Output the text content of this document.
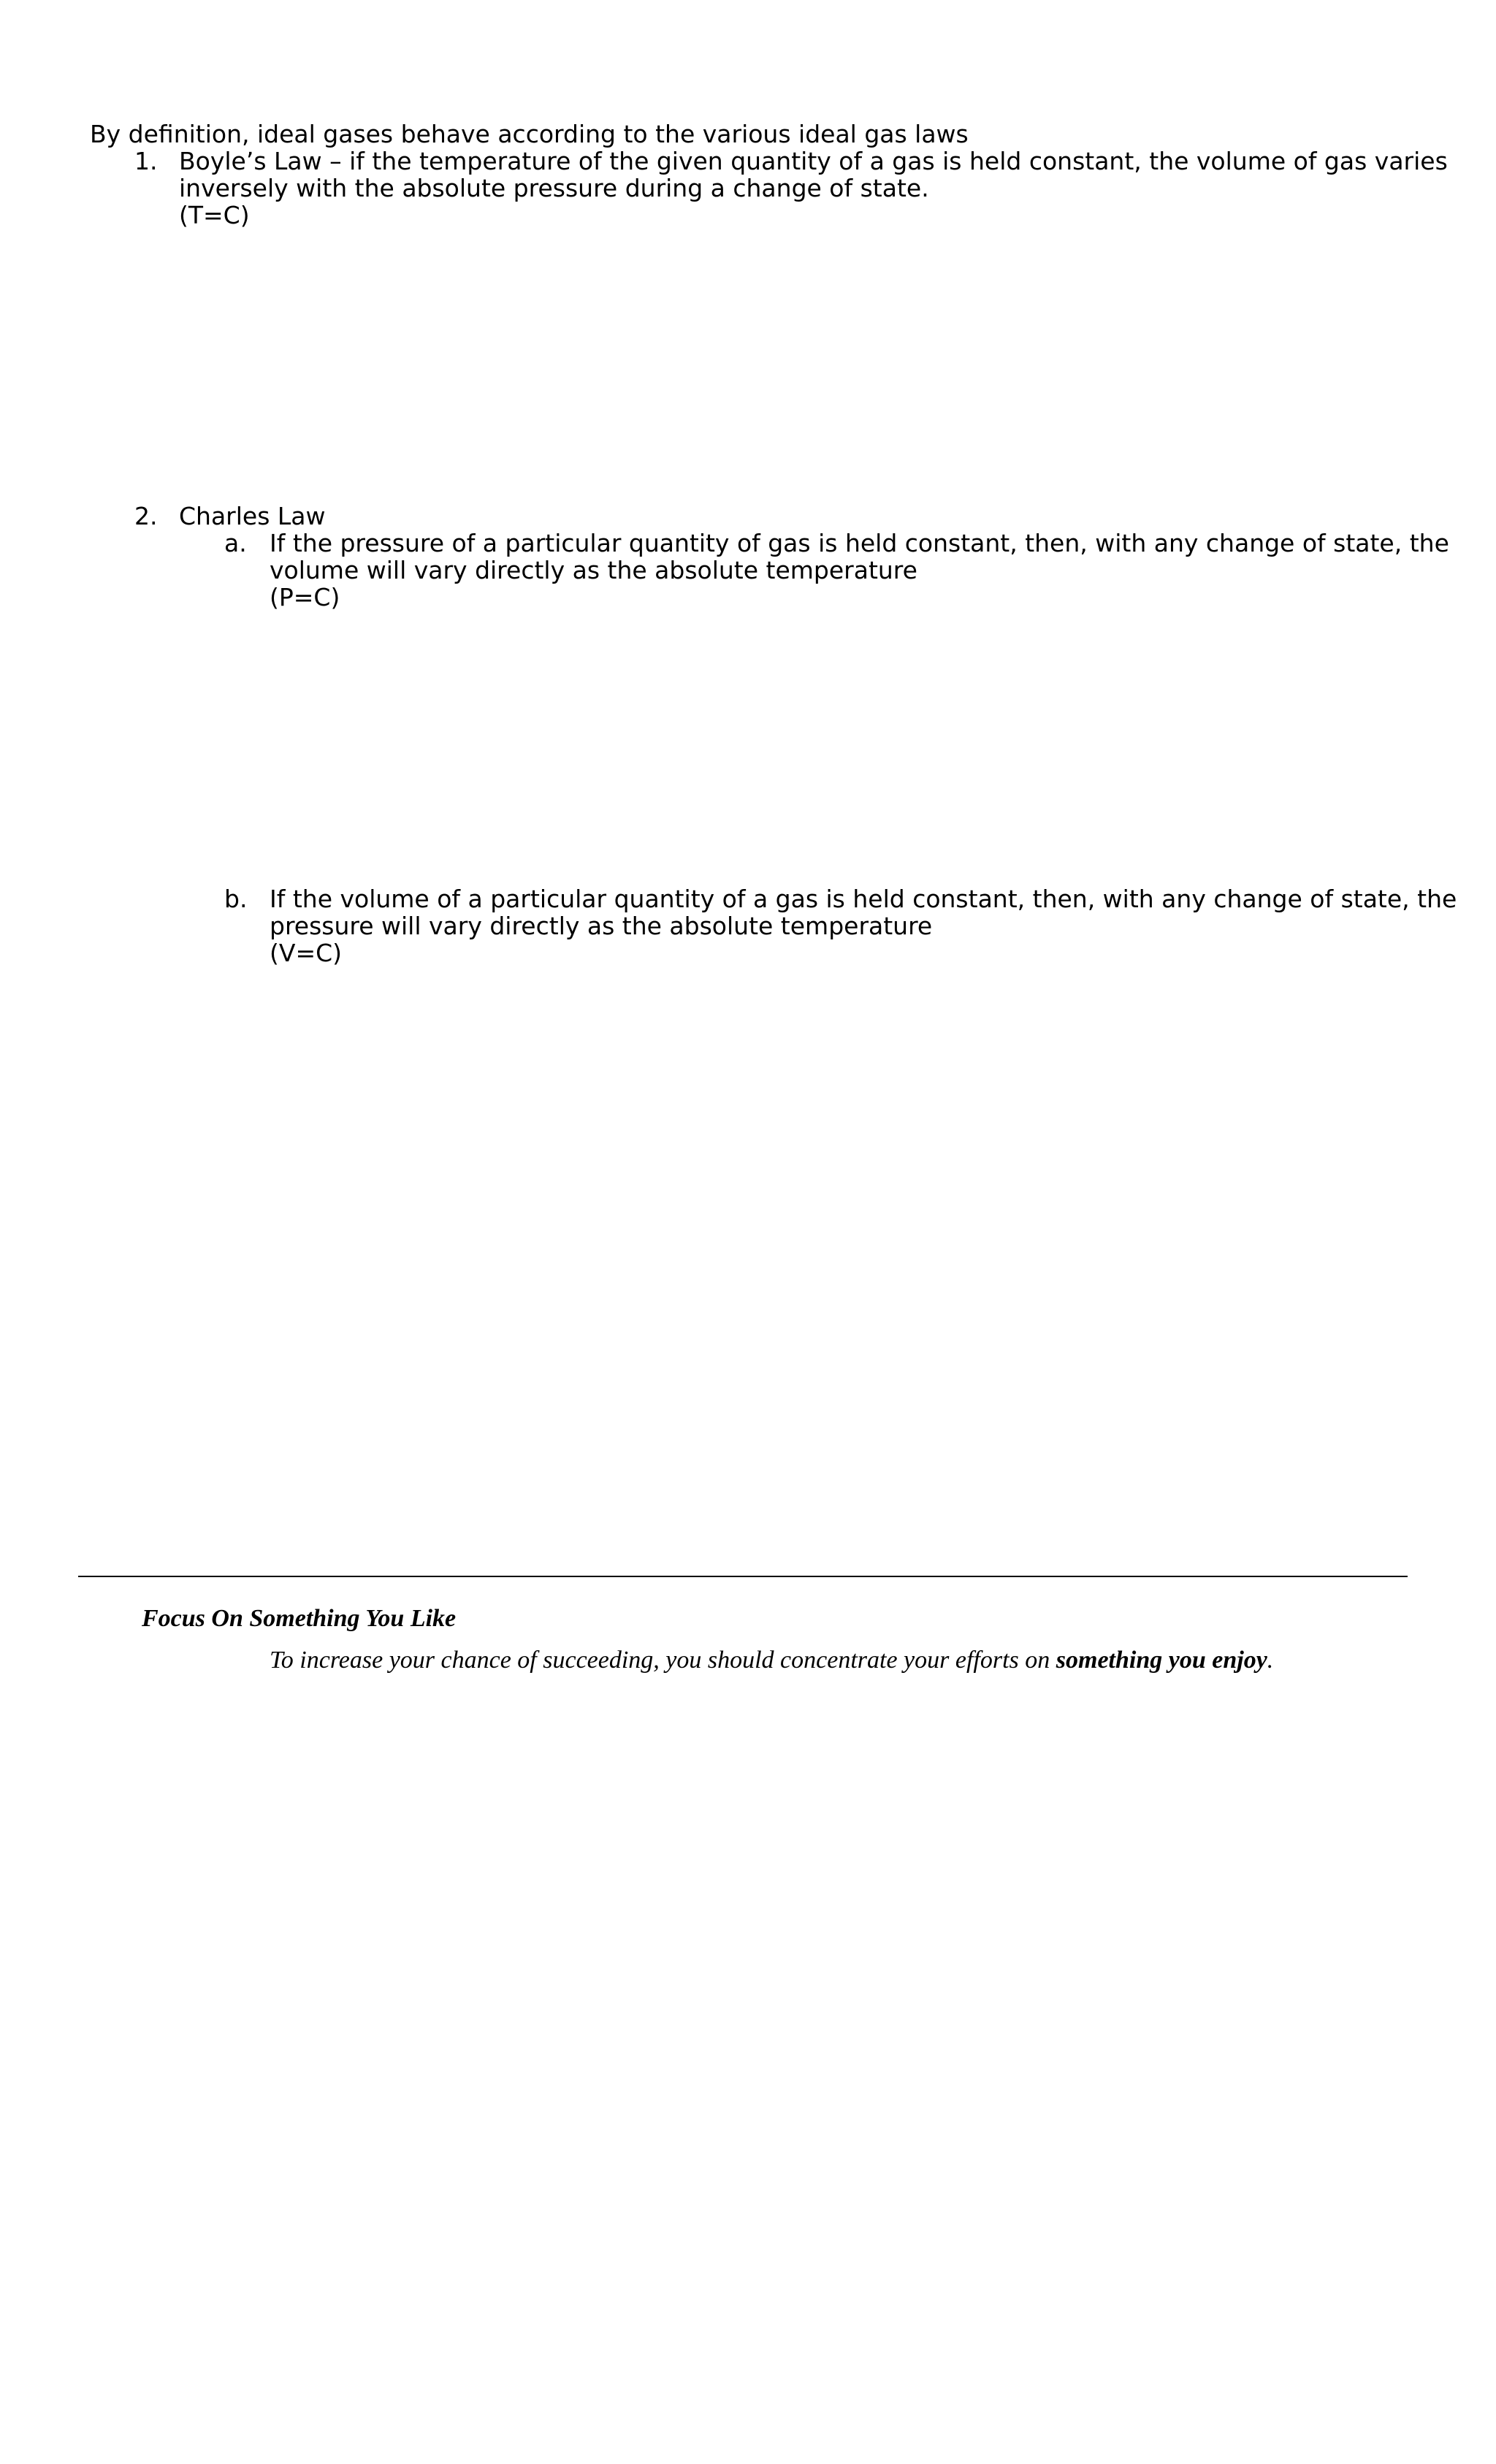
By definition, ideal gases behave according to the various ideal gas laws
1. Boyle’s Law – if the temperature of the given quantity of a gas is held constant, the volume of gas varies
inversely with the absolute pressure during a change of state.
(T=C)
2. Charles Law
a. If the pressure of a particular quantity of gas is held constant, then, with any change of state, the
volume will vary directly as the absolute temperature
(P=C)
b. If the volume of a particular quantity of a gas is held constant, then, with any change of state, the
pressure will vary directly as the absolute temperature
(V=C)
Focus On Something You Like
To increase your chance of succeeding, you should concentrate your efforts on something you enjoy.
